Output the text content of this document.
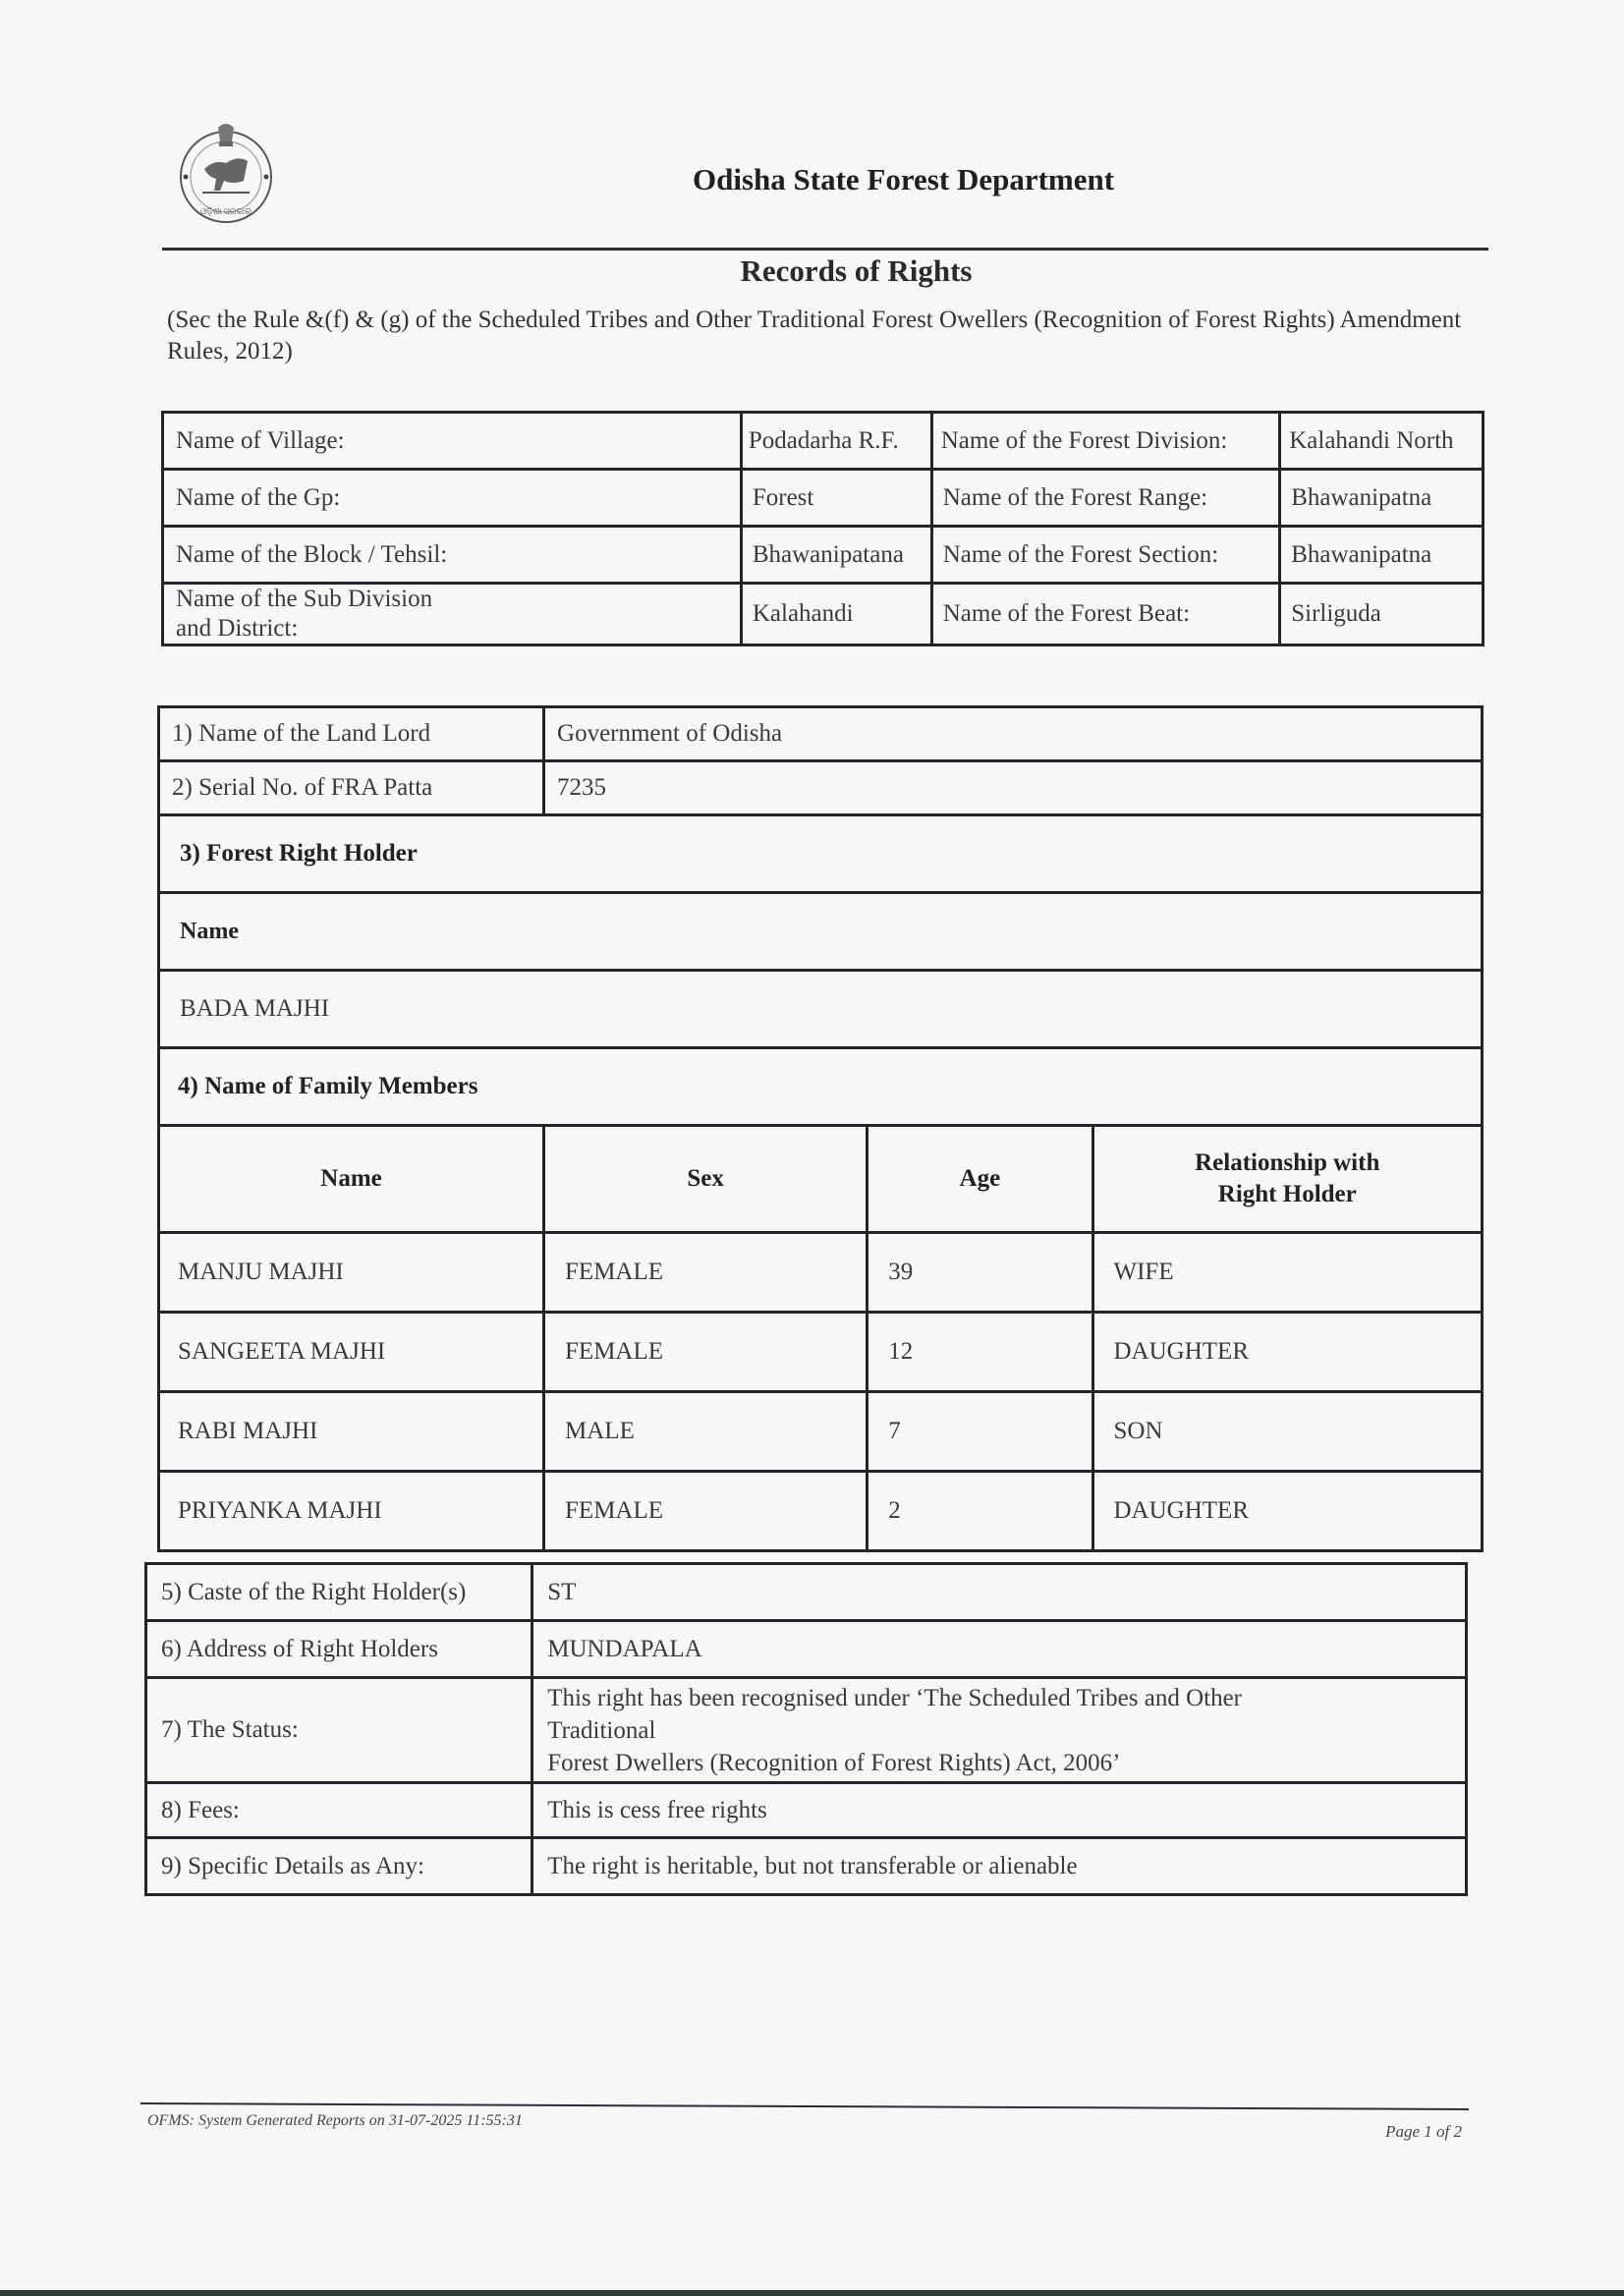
ଓଡ଼ିଶା ସରକାର
Odisha State Forest Department
Records of Rights
(Sec the Rule &(f) & (g) of the Scheduled Tribes and Other Traditional Forest Owellers (Recognition of Forest Rights) Amendment Rules, 2012)
Name of Village:	Podadarha R.F.	Name of the Forest Division:	Kalahandi North
Name of the Gp:	Forest	Name of the Forest Range:	Bhawanipatna
Name of the Block / Tehsil:	Bhawanipatana	Name of the Forest Section:	Bhawanipatna
Name of the Sub Division and District:	Kalahandi	Name of the Forest Beat:	Sirliguda
1) Name of the Land Lord	Government of Odisha		
2) Serial No. of FRA Patta	7235		
3) Forest Right Holder			
Name			
BADA MAJHI			
4) Name of Family Members			
Name	Sex	Age	Relationship with Right Holder
MANJU MAJHI	FEMALE	39	WIFE
SANGEETA MAJHI	FEMALE	12	DAUGHTER
RABI MAJHI	MALE	7	SON
PRIYANKA MAJHI	FEMALE	2	DAUGHTER
5) Caste of the Right Holder(s)	ST
6) Address of Right Holders	MUNDAPALA
7) The Status:	This right has been recognised under ‘The Scheduled Tribes and Other
Traditional
Forest Dwellers (Recognition of Forest Rights) Act, 2006’

8) Fees:	This is cess free rights
9) Specific Details as Any:	The right is heritable, but not transferable or alienable
OFMS: System Generated Reports on 31-07-2025 11:55:31
Page 1 of 2
